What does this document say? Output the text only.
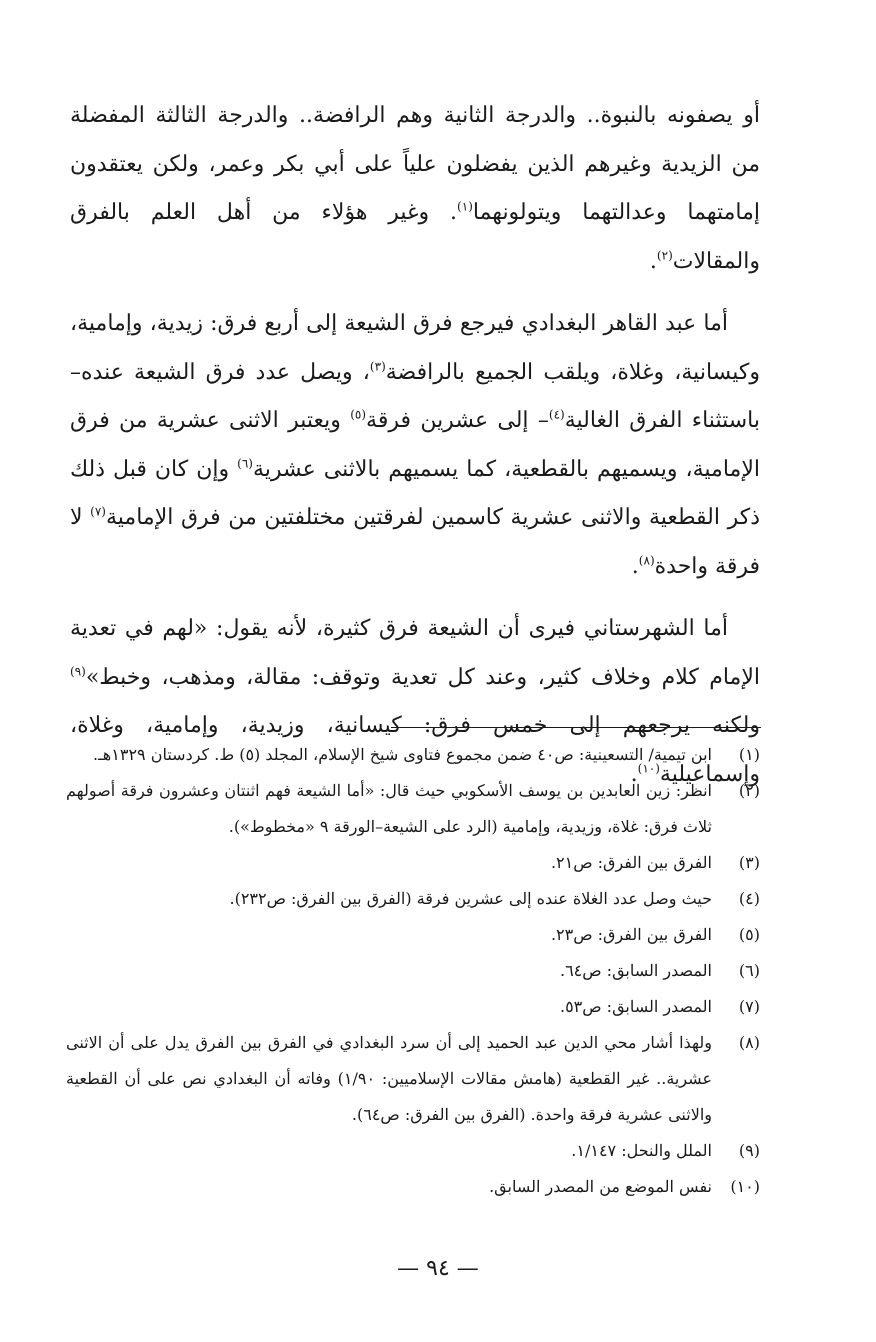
أو يصفونه بالنبوة.. والدرجة الثانية وهم الرافضة.. والدرجة الثالثة المفضلة من الزيدية وغيرهم الذين يفضلون علياً على أبي بكر وعمر، ولكن يعتقدون إمامتهما وعدالتهما ويتولونهما$^{(١)}$. وغير هؤلاء من أهل العلم بالفرق والمقالات$^{(٢)}$.

أما عبد القاهر البغدادي فيرجع فرق الشيعة إلى أربع فرق: زيدية، وإمامية، وكيسانية، وغلاة، ويلقب الجميع بالرافضة$^{(٣)}$، ويصل عدد فرق الشيعة عنده–باستثناء الفرق الغالية$^{(٤)}$– إلى عشرين فرقة$^{(٥)}$ ويعتبر الاثنى عشرية من فرق الإمامية، ويسميهم بالقطعية، كما يسميهم بالاثنى عشرية$^{(٦)}$ وإن كان قبل ذلك ذكر القطعية والاثنى عشرية كاسمين لفرقتين مختلفتين من فرق الإمامية$^{(٧)}$ لا فرقة واحدة$^{(٨)}$.

أما الشهرستاني فيرى أن الشيعة فرق كثيرة، لأنه يقول: «لهم في تعدية الإمام كلام وخلاف كثير، وعند كل تعدية وتوقف: مقالة، ومذهب، وخبط»$^{(٩)}$ ولكنه يرجعهم إلى خمس فرق: كيسانية، وزيدية، وإمامية، وغلاة، وإسماعيلية$^{(١٠)}$.

(١)
ابن تيمية/ التسعينية: ص٤٠ ضمن مجموع فتاوى شيخ الإسلام، المجلد (٥) ط. كردستان ١٣٢٩هـ.
(٢)
انظر: زين العابدين بن يوسف الأسكوبي حيث قال: «أما الشيعة فهم اثنتان وعشرون فرقة أصولهم ثلاث فرق: غلاة، وزيدية، وإمامية (الرد على الشيعة–الورقة ٩ «مخطوط»).
(٣)
الفرق بين الفرق: ص٢١.
(٤)
حيث وصل عدد الغلاة عنده إلى عشرين فرقة (الفرق بين الفرق: ص٢٣٢).
(٥)
الفرق بين الفرق: ص٢٣.
(٦)
المصدر السابق: ص٦٤.
(٧)
المصدر السابق: ص٥٣.
(٨)
ولهذا أشار محي الدين عبد الحميد إلى أن سرد البغدادي في الفرق بين الفرق يدل على أن الاثنى عشرية.. غير القطعية (هامش مقالات الإسلاميين: ١/٩٠) وفاته أن البغدادي نص على أن القطعية والاثنى عشرية فرقة واحدة. (الفرق بين الفرق: ص٦٤).
(٩)
الملل والنحل: ١/١٤٧.
(١٠)
نفس الموضع من المصدر السابق.
— ٩٤ —
